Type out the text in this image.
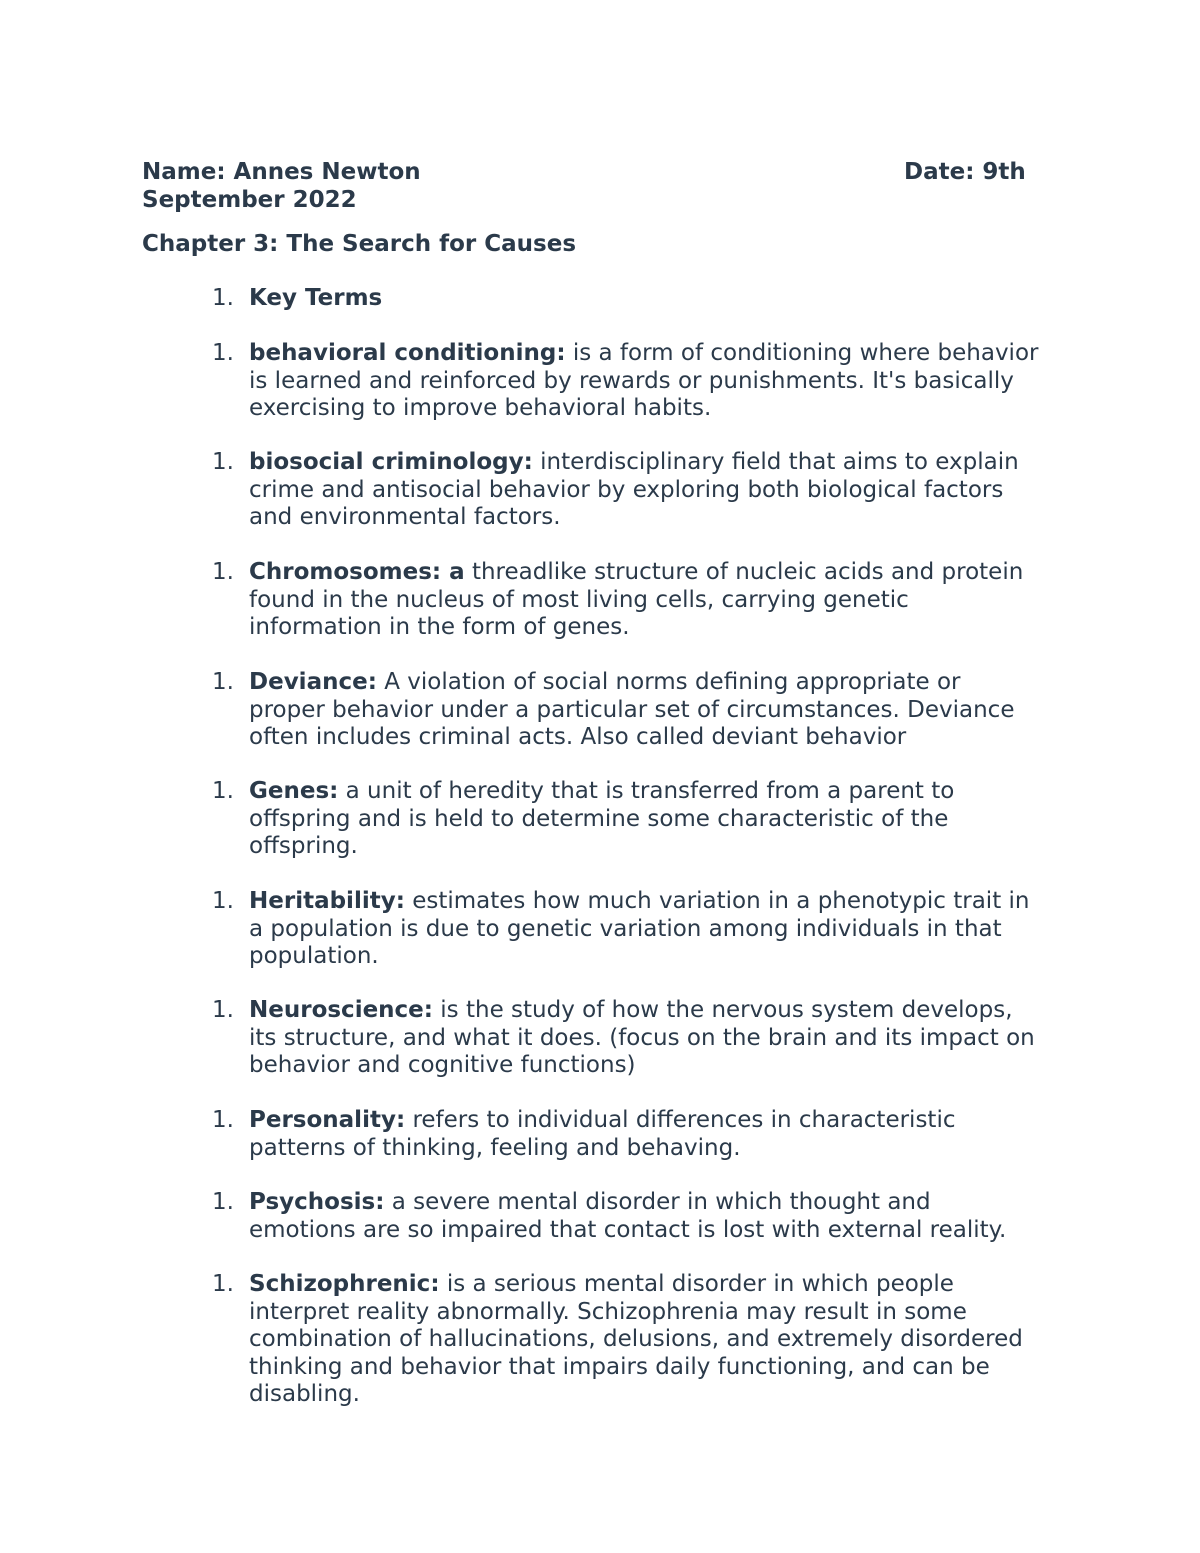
Name: Annes Newton	Date: 9th
September 2022
Chapter 3: The Search for Causes
1. Key Terms
1. behavioral conditioning: is a form of conditioning where behavior
is learned and reinforced by rewards or punishments. It's basically
exercising to improve behavioral habits.
1. biosocial criminology: interdisciplinary field that aims to explain
crime and antisocial behavior by exploring both biological factors
and environmental factors.
1. Chromosomes: a threadlike structure of nucleic acids and protein
found in the nucleus of most living cells, carrying genetic
information in the form of genes.
1. Deviance: A violation of social norms defining appropriate or
proper behavior under a particular set of circumstances. Deviance
often includes criminal acts. Also called deviant behavior
1. Genes: a unit of heredity that is transferred from a parent to
offspring and is held to determine some characteristic of the
offspring.
1. Heritability: estimates how much variation in a phenotypic trait in
a population is due to genetic variation among individuals in that
population.
1. Neuroscience: is the study of how the nervous system develops,
its structure, and what it does. (focus on the brain and its impact on
behavior and cognitive functions)
1. Personality: refers to individual differences in characteristic
patterns of thinking, feeling and behaving.
1. Psychosis: a severe mental disorder in which thought and
emotions are so impaired that contact is lost with external reality.
1. Schizophrenic: is a serious mental disorder in which people
interpret reality abnormally. Schizophrenia may result in some
combination of hallucinations, delusions, and extremely disordered
thinking and behavior that impairs daily functioning, and can be
disabling.
